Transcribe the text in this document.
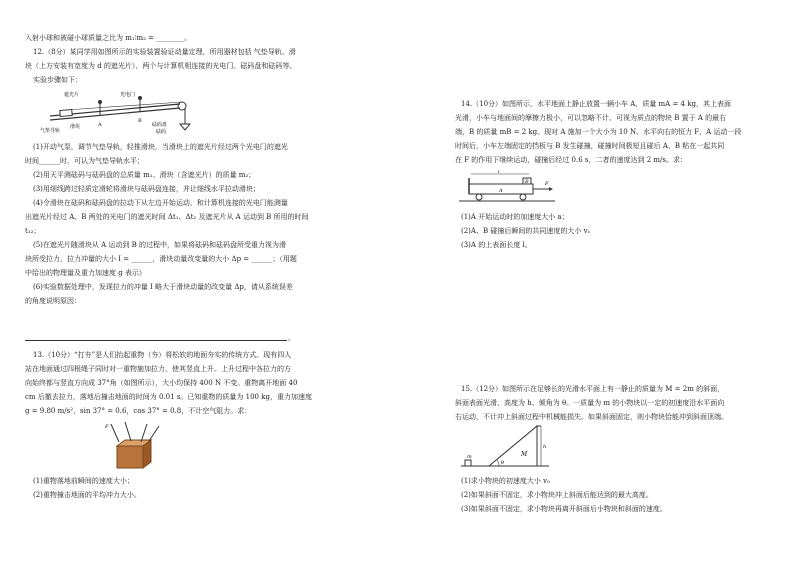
入射小球和被碰小球质量之比为 m₁∶m₂ = ________。
12.（8分）某同学用如图所示的实验装置验证动量定理，所用器材包括 气垫导轨、滑
块（上方安装有宽度为 d 的遮光片）、两个与计算机相连接的光电门、砝码盘和砝码等。
实验步骤如下：
遮光片	光电门
气垫导轨
滑块	A
B
砝码盘
砝码
(1)开动气泵，调节气垫导轨，轻推滑块，当滑块上的遮光片经过两个光电门的遮光
时间______时，可认为气垫导轨水平；
(2)用天平测砝码与砝码盘的总质量 m₁、滑块（含遮光片）的质量 m₂；
(3)用细线跨过轻质定滑轮将滑块与砝码盘连接，并让细线水平拉动滑块；
(4)令滑块在砝码和砝码盘的拉动下从左边开始运动，和计算机连接的光电门能测量
出遮光片经过 A、B 两处的光电门的遮光时间 Δt₁、Δt₂ 及遮光片从 A 运动到 B 所用的时间
t₁₂；
(5)在遮光片随滑块从 A 运动到 B 的过程中，如果将砝码和砝码盘所受重力视为滑
块所受拉力，拉力冲量的大小 I = ______，滑块动量改变量的大小 Δp = ______；（用题
中给出的物理量及重力加速度 g 表示）
(6)实验数据处理中，发现拉力的冲量 I 略大于滑块动量的改变量 Δp，请从系统误差
的角度说明原因：
。
13.（10分）“打夯”是人们抬起重物（夯）将松软的地面夯实的传统方式。现有四人
站在地面通过四根绳子同时对一重物施加拉力，使其竖直上升。上升过程中各拉力的方
向始终都与竖直方向成 37°角（如图所示），大小均保持 400 N 不变。重物离开地面 40
cm 后撤去拉力，落地后撞击地面的时间为 0.01 s。已知重物的质量为 100 kg，重力加速度
g = 9.80 m/s²，sin 37° = 0.6，cos 37° = 0.8，不计空气阻力。求：
F
(1)重物落地前瞬间的速度大小；
(2)重物撞击地面的平均冲力大小。
14.（10分）如图所示，水平地面上静止放置一辆小车 A，质量 mA = 4 kg，其上表面
光滑，小车与地面间的摩擦力极小，可以忽略不计。可视为质点的物块 B 置于 A 的最右
端，B 的质量 mB = 2 kg。现对 A 施加一个大小为 10 N、水平向右的恒力 F，A 运动一段
时间后，小车左端固定的挡板与 B 发生碰撞，碰撞时间极短且碰后 A、B 粘在一起共同
在 F 的作用下继续运动，碰撞后经过 0.6 s，二者的速度达到 2 m/s。求：
l
A
B	F
(1)A 开始运动时的加速度大小 a；
(2)A、B 碰撞后瞬间的共同速度的大小 v₁
(3)A 的上表面长度 l。
15.（12分）如图所示在足够长的光滑水平面上有一静止的质量为 M = 2m 的斜面，
斜面表面光滑、高度为 h、倾角为 θ。一质量为 m 的小物块以一定的初速度沿水平面向
右运动，不计冲上斜面过程中机械能损失。如果斜面固定，则小物块恰能冲到斜面顶端。
m	M
h
θ
(1)求小物块的初速度大小 v₀
(2)如果斜面不固定，求小物块冲上斜面后能达到的最大高度。
(3)如果斜面不固定，求小物块再离开斜面后小物块和斜面的速度。
